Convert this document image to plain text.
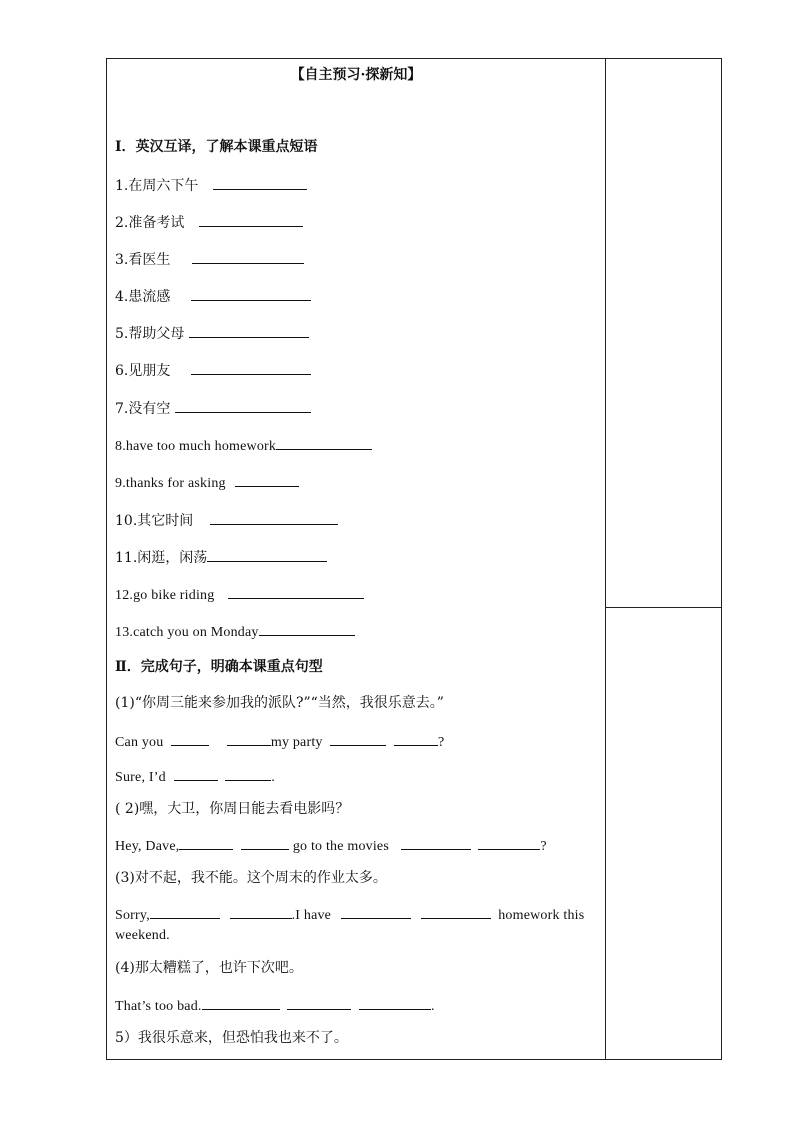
【自主预习·探新知】
Ⅰ．英汉互译，了解本课重点短语
1.在周六下午
2.准备考试
3.看医生
4.患流感
5.帮助父母
6.见朋友
7.没有空
8.have too much homework
9.thanks for asking
10.其它时间
11.闲逛，闲荡
12.go bike riding
13.catch you on Monday
Ⅱ．完成句子，明确本课重点句型
(1)“你周三能来参加我的派队?”“当然，我很乐意去。”
Can you	my party	?
Sure, I’d	.
( 2)嘿，大卫，你周日能去看电影吗？
Hey, Dave,	go to the movies	?
(3)对不起，我不能。这个周末的作业太多。
Sorry,	.I have	homework this
weekend.
(4)那太糟糕了，也许下次吧。
That’s too bad.	.
5）我很乐意来，但恐怕我也来不了。
